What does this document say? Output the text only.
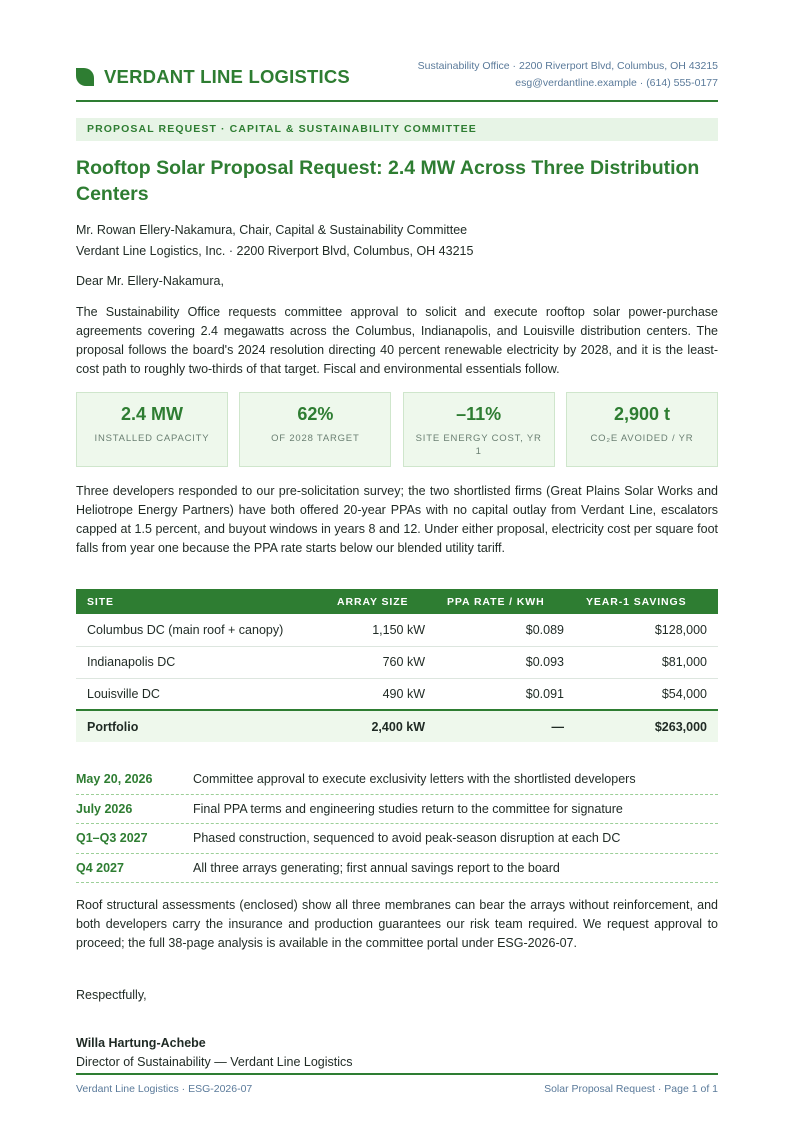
VERDANT LINE LOGISTICS	Sustainability Office · 2200 Riverport Blvd, Columbus, OH 43215
esg@verdantline.example · (614) 555-0177
PROPOSAL REQUEST · CAPITAL & SUSTAINABILITY COMMITTEE
Rooftop Solar Proposal Request: 2.4 MW Across Three Distribution Centers
Mr. Rowan Ellery-Nakamura, Chair, Capital & Sustainability Committee
Verdant Line Logistics, Inc. · 2200 Riverport Blvd, Columbus, OH 43215
Dear Mr. Ellery-Nakamura,

The Sustainability Office requests committee approval to solicit and execute rooftop solar power-purchase agreements covering 2.4 megawatts across the Columbus, Indianapolis, and Louisville distribution centers. The proposal follows the board's 2024 resolution directing 40 percent renewable electricity by 2028, and it is the least-cost path to roughly two-thirds of that target. Fiscal and environmental essentials follow.

2.4 MW
INSTALLED CAPACITY
62%
OF 2028 TARGET
–11%
SITE ENERGY COST, YR 1
2,900 t
CO₂E AVOIDED / YR

Three developers responded to our pre-solicitation survey; the two shortlisted firms (Great Plains Solar Works and Heliotrope Energy Partners) have both offered 20-year PPAs with no capital outlay from Verdant Line, escalators capped at 1.5 percent, and buyout windows in years 8 and 12. Under either proposal, electricity cost per square foot falls from year one because the PPA rate starts below our blended utility tariff.

SITE	ARRAY SIZE	PPA RATE / KWH	YEAR-1 SAVINGS
Columbus DC (main roof + canopy)	1,150 kW	$0.089	$128,000
Indianapolis DC	760 kW	$0.093	$81,000
Louisville DC	490 kW	$0.091	$54,000
Portfolio	2,400 kW	—	$263,000
May 20, 2026	Committee approval to execute exclusivity letters with the shortlisted developers
July 2026	Final PPA terms and engineering studies return to the committee for signature
Q1–Q3 2027	Phased construction, sequenced to avoid peak-season disruption at each DC
Q4 2027	All three arrays generating; first annual savings report to the board

Roof structural assessments (enclosed) show all three membranes can bear the arrays without reinforcement, and both developers carry the insurance and production guarantees our risk team required. We request approval to proceed; the full 38-page analysis is available in the committee portal under ESG-2026-07.

Respectfully,
Willa Hartung-Achebe
Director of Sustainability — Verdant Line Logistics
Verdant Line Logistics · ESG-2026-07	Solar Proposal Request · Page 1 of 1
